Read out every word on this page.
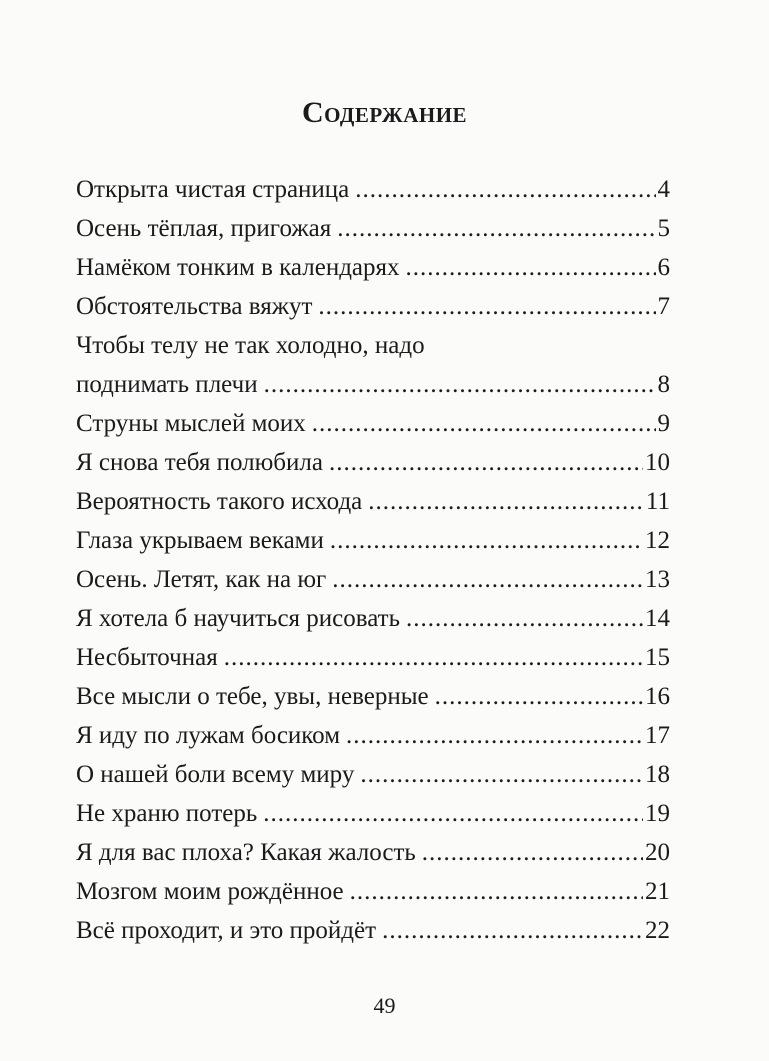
Содержание
Открыта чистая страница .....	4
Осень тёплая, пригожая .....	5
Намёком тонким в календарях .....	6
Обстоятельства вяжут .....	7
Чтобы телу не так холодно, надо
поднимать плечи .....	8
Струны мыслей моих .....	9
Я снова тебя полюбила .....	10
Вероятность такого исхода .....	11
Глаза укрываем веками .....	12
Осень. Летят, как на юг .....	13
Я хотела б научиться рисовать .....	14
Несбыточная .....	15
Все мысли о тебе, увы, неверные .....	16
Я иду по лужам босиком .....	17
О нашей боли всему миру .....	18
Не храню потерь .....	19
Я для вас плоха? Какая жалость .....	20
Мозгом моим рождённое .....	21
Всё проходит, и это пройдёт .....	22

49
